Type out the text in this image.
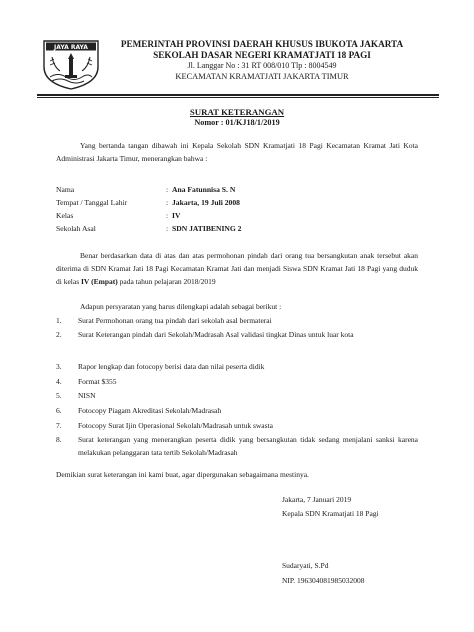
JAYA RAYA	PEMERINTAH PROVINSI DAERAH KHUSUS IBUKOTA JAKARTA
SEKOLAH DASAR NEGERI KRAMATJATI 18 PAGI
Jl. Langgar No : 31 RT 008/010 Tlp : 8004549
KECAMATAN KRAMATJATI JAKARTA TIMUR
SURAT KETERANGAN
Nomor : 01/KJ18/1/2019
Yang bertanda tangan dibawah ini Kepala Sekolah SDN Kramatjati 18 Pagi Kecamatan Kramat Jati Kota Administrasi Jakarta Timur, menerangkan bahwa :
Nama	: Ana Fatunnisa S. N
Tempat / Tanggal Lahir	: Jakarta, 19 Juli 2008
Kelas	: IV
Sekolah Asal	: SDN JATIBENING 2
Benar berdasarkan data di atas dan atas permohonan pindah dari orang tua bersangkutan anak tersebut akan diterima di SDN Kramat Jati 18 Pagi Kecamatan Kramat Jati dan menjadi Siswa SDN Kramat Jati 18 Pagi yang duduk di kelas IV (Empat) pada tahun pelajaran 2018/2019
Adapun persyaratan yang harus dilengkapi adalah sebagai berikut :
1. Surat Permohonan orang tua pindah dari sekolah asal bermaterai
2. Surat Keterangan pindah dari Sekolah/Madrasah Asal validasi tingkat Dinas untuk luar kota
3. Rapor lengkap dan fotocopy berisi data dan nilai peserta didik
4. Format $355
5. NISN
6. Fotocopy Piagam Akreditasi Sekolah/Madrasah
7. Fotocopy Surat Ijin Operasional Sekolah/Madrasah untuk swasta
8. Surat keterangan yang menerangkan peserta didik yang bersangkutan tidak sedang menjalani sanksi karena melakukan pelanggaran tata tertib Sekolah/Madrasah
Demikian surat keterangan ini kami buat, agar dipergunakan sebagaimana mestinya.
Jakarta, 7 Januari 2019
Kepala SDN Kramatjati 18 Pagi
Sudaryati, S.Pd
NIP. 196304081985032008
